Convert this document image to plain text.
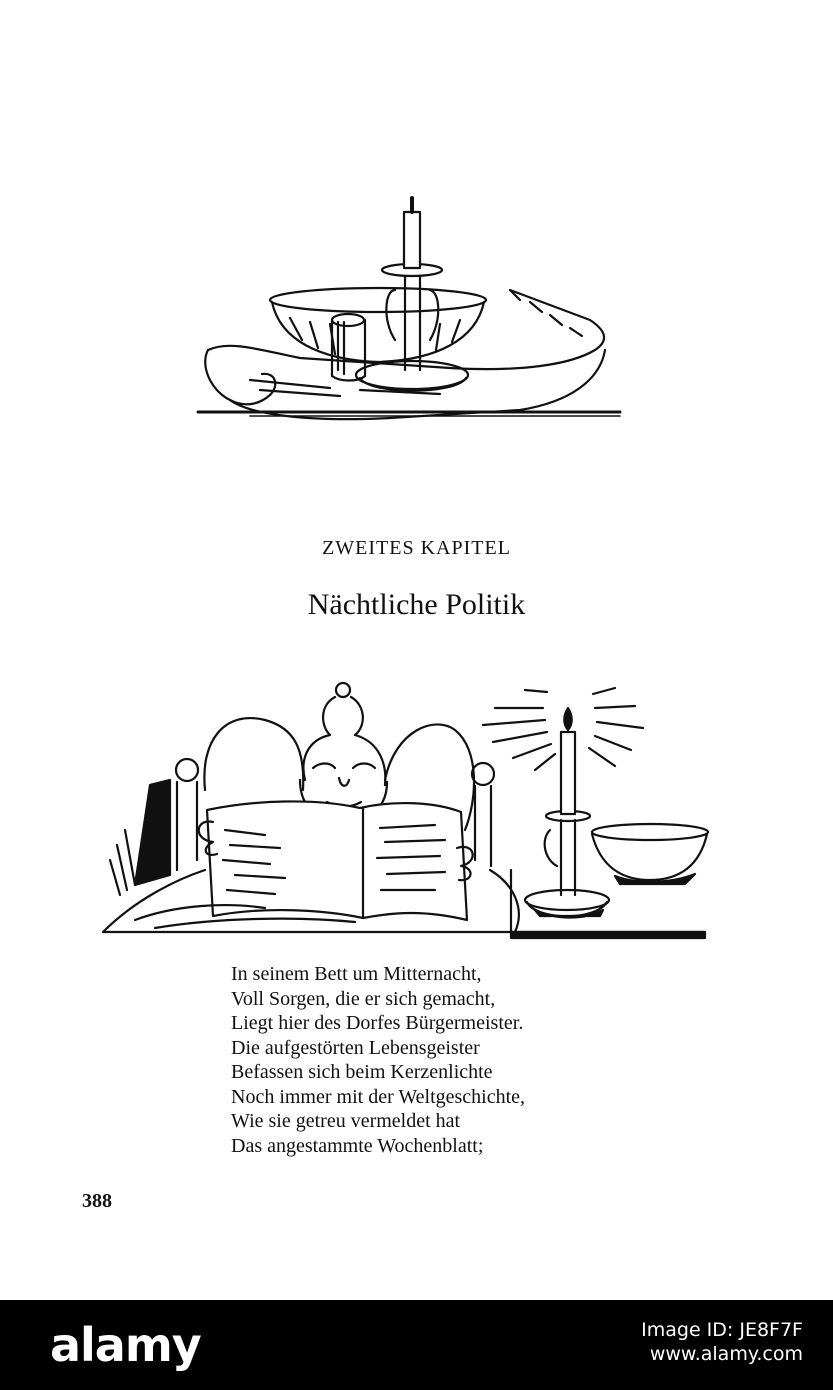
ZWEITES KAPITEL
Nächtliche Politik
In seinem Bett um Mitternacht,
Voll Sorgen, die er sich gemacht,
Liegt hier des Dorfes Bürgermeister.
Die aufgestörten Lebensgeister
Befassen sich beim Kerzenlichte
Noch immer mit der Weltgeschichte,
Wie sie getreu vermeldet hat
Das angestammte Wochenblatt;
388
alamy	Image ID: JE8F7F
www.alamy.com
